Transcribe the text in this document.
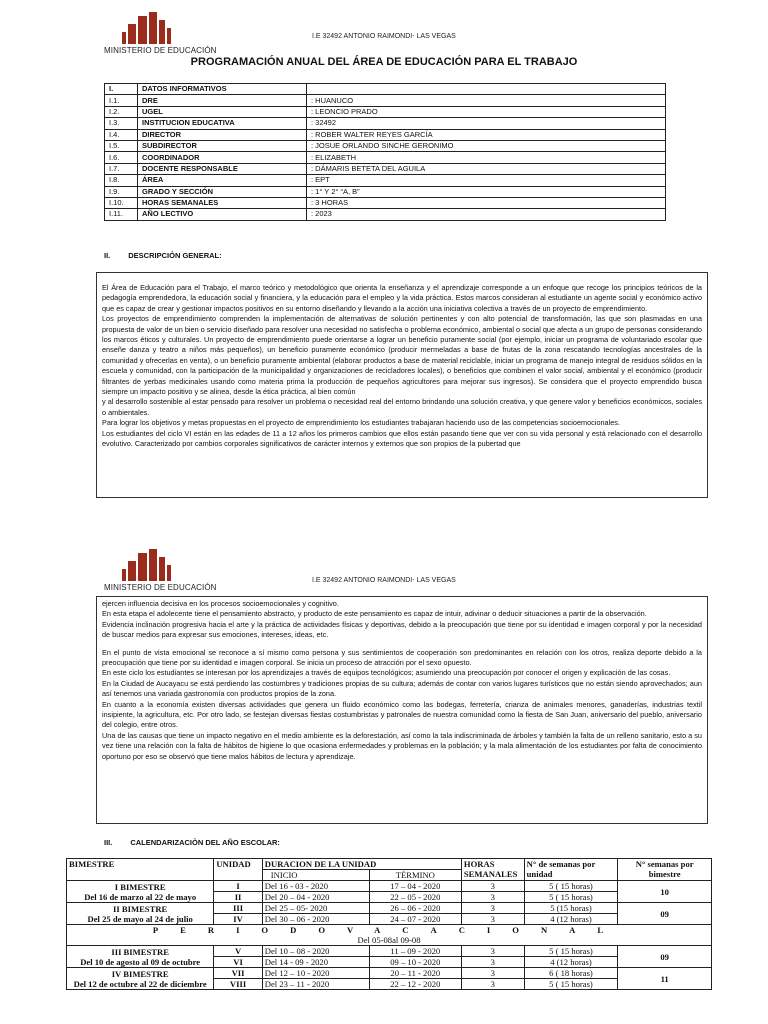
MINISTERIO DE EDUCACIÓN
I.E 32492 ANTONIO RAIMONDI- LAS VEGAS
PROGRAMACIÓN ANUAL DEL ÁREA DE EDUCACIÓN PARA EL TRABAJO
I.	DATOS INFORMATIVOS	
I.1.	DRE	: HUANUCO
I.2.	UGEL	: LEONCIO PRADO
I.3.	INSTITUCION EDUCATIVA	: 32492
I.4.	DIRECTOR	: ROBER WALTER REYES GARCÍA
I.5.	SUBDIRECTOR	: JOSUE ORLANDO SINCHE GERONIMO
I.6.	COORDINADOR	: ELIZABETH
I.7.	DOCENTE RESPONSABLE	: DÁMARIS BETETA DEL AGUILA
I.8.	ÁREA	: EPT
I.9.	GRADO Y SECCIÓN	: 1° Y 2° “A, B”
I.10.	HORAS SEMANALES	: 3 HORAS
I.11.	AÑO LECTIVO	: 2023
II. DESCRIPCIÓN GENERAL:

El Área de Educación para el Trabajo, el marco teórico y metodológico que orienta la enseñanza y el aprendizaje corresponde a un enfoque que recoge los principios teóricos de la pedagogía emprendedora, la educación social y financiera, y la educación para el empleo y la vida práctica. Estos marcos consideran al estudiante un agente social y económico activo que es capaz de crear y gestionar impactos positivos en su entorno diseñando y llevando a la acción una iniciativa colectiva a través de un proyecto de emprendimiento.

Los proyectos de emprendimiento comprenden la implementación de alternativas de solución pertinentes y con alto potencial de transformación, las que son plasmadas en una propuesta de valor de un bien o servicio diseñado para resolver una necesidad no satisfecha o problema económico, ambiental o social que afecta a un grupo de personas considerando los marcos éticos y culturales. Un proyecto de emprendimiento puede orientarse a lograr un beneficio puramente social (por ejemplo, iniciar un programa de voluntariado escolar que enseñe danza y teatro a niños más pequeños), un beneficio puramente económico (producir mermeladas a base de frutas de la zona rescatando tecnologías ancestrales de la comunidad y ofrecerlas en venta), o un beneficio puramente ambiental (elaborar productos a base de material reciclable, iniciar un programa de manejo integral de residuos sólidos en la escuela y comunidad, con la participación de la municipalidad y organizaciones de recicladores locales), o beneficios que combinen el valor social, ambiental y el económico (producir filtrantes de yerbas medicinales usando como materia prima la producción de pequeños agricultores para mejorar sus ingresos). Se considera que el proyecto emprendido busca siempre un impacto positivo y se alinea, desde la ética práctica, al bien común

y al desarrollo sostenible al estar pensado para resolver un problema o necesidad real del entorno brindando una solución creativa, y que genere valor y beneficios económicos, sociales o ambientales.

Para lograr los objetivos y metas propuestas en el proyecto de emprendimiento los estudiantes trabajaran haciendo uso de las competencias socioemocionales.

Los estudiantes del ciclo VI están en las edades de 11 a 12 años los primeros cambios que ellos están pasando tiene que ver con su vida personal y está relacionado con el desarrollo evolutivo. Caracterizado por cambios corporales significativos de carácter internos y externos que son propios de la pubertad que

MINISTERIO DE EDUCACIÓN
I.E 32492 ANTONIO RAIMONDI- LAS VEGAS

ejercen influencia decisiva en los procesos socioemocionales y cognitivo.

En esta etapa el adolecente tiene el pensamiento abstracto, y producto de este pensamiento es capaz de intuir, adivinar o deducir situaciones a partir de la observación.

Evidencia inclinación progresiva hacia el arte y la práctica de actividades físicas y deportivas, debido a la preocupación que tiene por su identidad e imagen corporal y por la necesidad de buscar medios para expresar sus emociones, intereses, ideas, etc.

En el punto de vista emocional se reconoce a sí mismo como persona y sus sentimientos de cooperación son predominantes en relación con los otros, realiza deporte debido a la preocupación que tiene por su identidad e imagen corporal. Se inicia un proceso de atracción por el sexo opuesto.

En este ciclo los estudiantes se interesan por los aprendizajes a través de equipos tecnológicos; asumiendo una preocupación por conocer el origen y explicación de las cosas.

En la Ciudad de Aucayacu se está perdiendo las costumbres y tradiciones propias de su cultura; además de contar con varios lugares turísticos que no están siendo aprovechados; aun así tenemos una variada gastronomía con productos propios de la zona.

En cuanto a la economía existen diversas actividades que genera un fluido económico como las bodegas, ferretería, crianza de animales menores, ganaderías, industrias textil insipiente, la agricultura, etc. Por otro lado, se festejan diversas fiestas costumbristas y patronales de nuestra comunidad como la fiesta de San Juan, aniversario del pueblo, aniversario del colegio, entre otros.

Una de las causas que tiene un impacto negativo en el medio ambiente es la deforestación, así como la tala indiscriminada de árboles y también la falta de un relleno sanitario, esto a su vez tiene una relación con la falta de hábitos de higiene lo que ocasiona enfermedades y problemas en la población; y la mala alimentación de los estudiantes por falta de conocimiento oportuno por eso se observó que tiene malos hábitos de lectura y aprendizaje.

III. CALENDARIZACIÒN DEL AÑO ESCOLAR:
BIMESTRE	UNIDAD	DURACION DE LA UNIDAD		HORAS SEMANALES	N° de semanas por unidad	N° semanas por bimestre
		INICIO	TÉRMINO			

I BIMESTRE
Del 16 de marzo al 22 de mayo	I	Del 16 - 03 - 2020	17 – 04 - 2020	3	5 ( 15 horas)	10
	II	Del 20 – 04 - 2020	22 – 05 - 2020	3	5 ( 15 horas)	

II BIMESTRE
Del 25 de mayo al 24 de julio	III	Del 25 – 05- 2020	26 – 06 - 2020	3	5 (15 horas)	09
	IV	Del 30 – 06 - 2020	24 – 07 - 2020	3	4 (12 horas)	

PERIODOVACACIONAL
Del 05-08al 09-08						

III BIMESTRE
Del 10 de agosto al 09 de octubre	V	Del 10 – 08 - 2020	11 – 09 - 2020	3	5 ( 15 horas)	09
	VI	Del 14 - 09 - 2020	09 – 10 - 2020	3	4 (12 horas)	

IV BIMESTRE
Del 12 de octubre al 22 de diciembre	VII	Del 12 – 10 - 2020	20 – 11 - 2020	3	6 ( 18 horas)	11
	VIII	Del 23 – 11 - 2020	22 – 12 - 2020	3	5 ( 15 horas)	
